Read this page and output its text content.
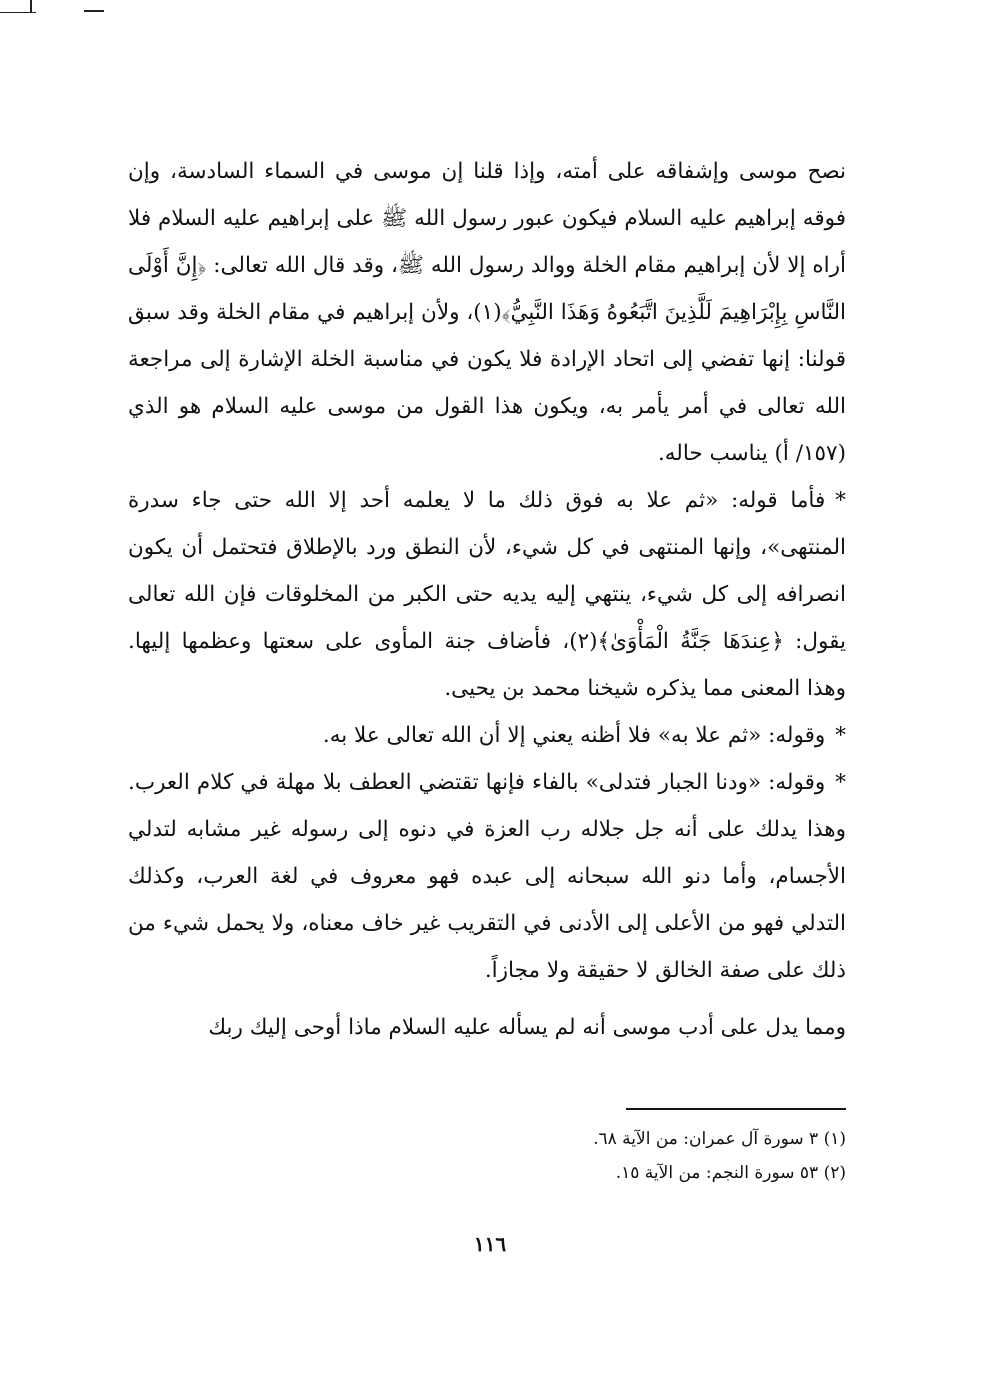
نصح موسى وإشفاقه على أمته، وإذا قلنا إن موسى في السماء السادسة، وإن فوقه إبراهيم عليه السلام فيكون عبور رسول الله ﷺ على إبراهيم عليه السلام فلا أراه إلا لأن إبراهيم مقام الخلة ووالد رسول الله ﷺ، وقد قال الله تعالى: ﴿إِنَّ أَوْلَى النَّاسِ بِإِبْرَاهِيمَ لَلَّذِينَ اتَّبَعُوهُ وَهَذَا النَّبِيُّ﴾(١)، ولأن إبراهيم في مقام الخلة وقد سبق قولنا: إنها تفضي إلى اتحاد الإرادة فلا يكون في مناسبة الخلة الإشارة إلى مراجعة الله تعالى في أمر يأمر به، ويكون هذا القول من موسى عليه السلام هو الذي (١٥٧/ أ) يناسب حاله.

*فأما قوله: «ثم علا به فوق ذلك ما لا يعلمه أحد إلا الله حتى جاء سدرة المنتهى»، وإنها المنتهى في كل شيء، لأن النطق ورد بالإطلاق فتحتمل أن يكون انصرافه إلى كل شيء، ينتهي إليه يديه حتى الكبر من المخلوقات فإن الله تعالى يقول: ﴿عِندَهَا جَنَّةُ الْمَأْوَىٰ﴾(٢)، فأضاف جنة المأوى على سعتها وعظمها إليها. وهذا المعنى مما يذكره شيخنا محمد بن يحيى.

*وقوله: «ثم علا به» فلا أظنه يعني إلا أن الله تعالى علا به.

*وقوله: «ودنا الجبار فتدلى» بالفاء فإنها تقتضي العطف بلا مهلة في كلام العرب. وهذا يدلك على أنه جل جلاله رب العزة في دنوه إلى رسوله غير مشابه لتدلي الأجسام، وأما دنو الله سبحانه إلى عبده فهو معروف في لغة العرب، وكذلك التدلي فهو من الأعلى إلى الأدنى في التقريب غير خاف معناه، ولا يحمل شيء من ذلك على صفة الخالق لا حقيقة ولا مجازاً.

ومما يدل على أدب موسى أنه لم يسأله عليه السلام ماذا أوحى إليك ربك

(١) ٣ سورة آل عمران: من الآية ٦٨.

(٢) ٥٣ سورة النجم: من الآية ١٥.

١١٦
